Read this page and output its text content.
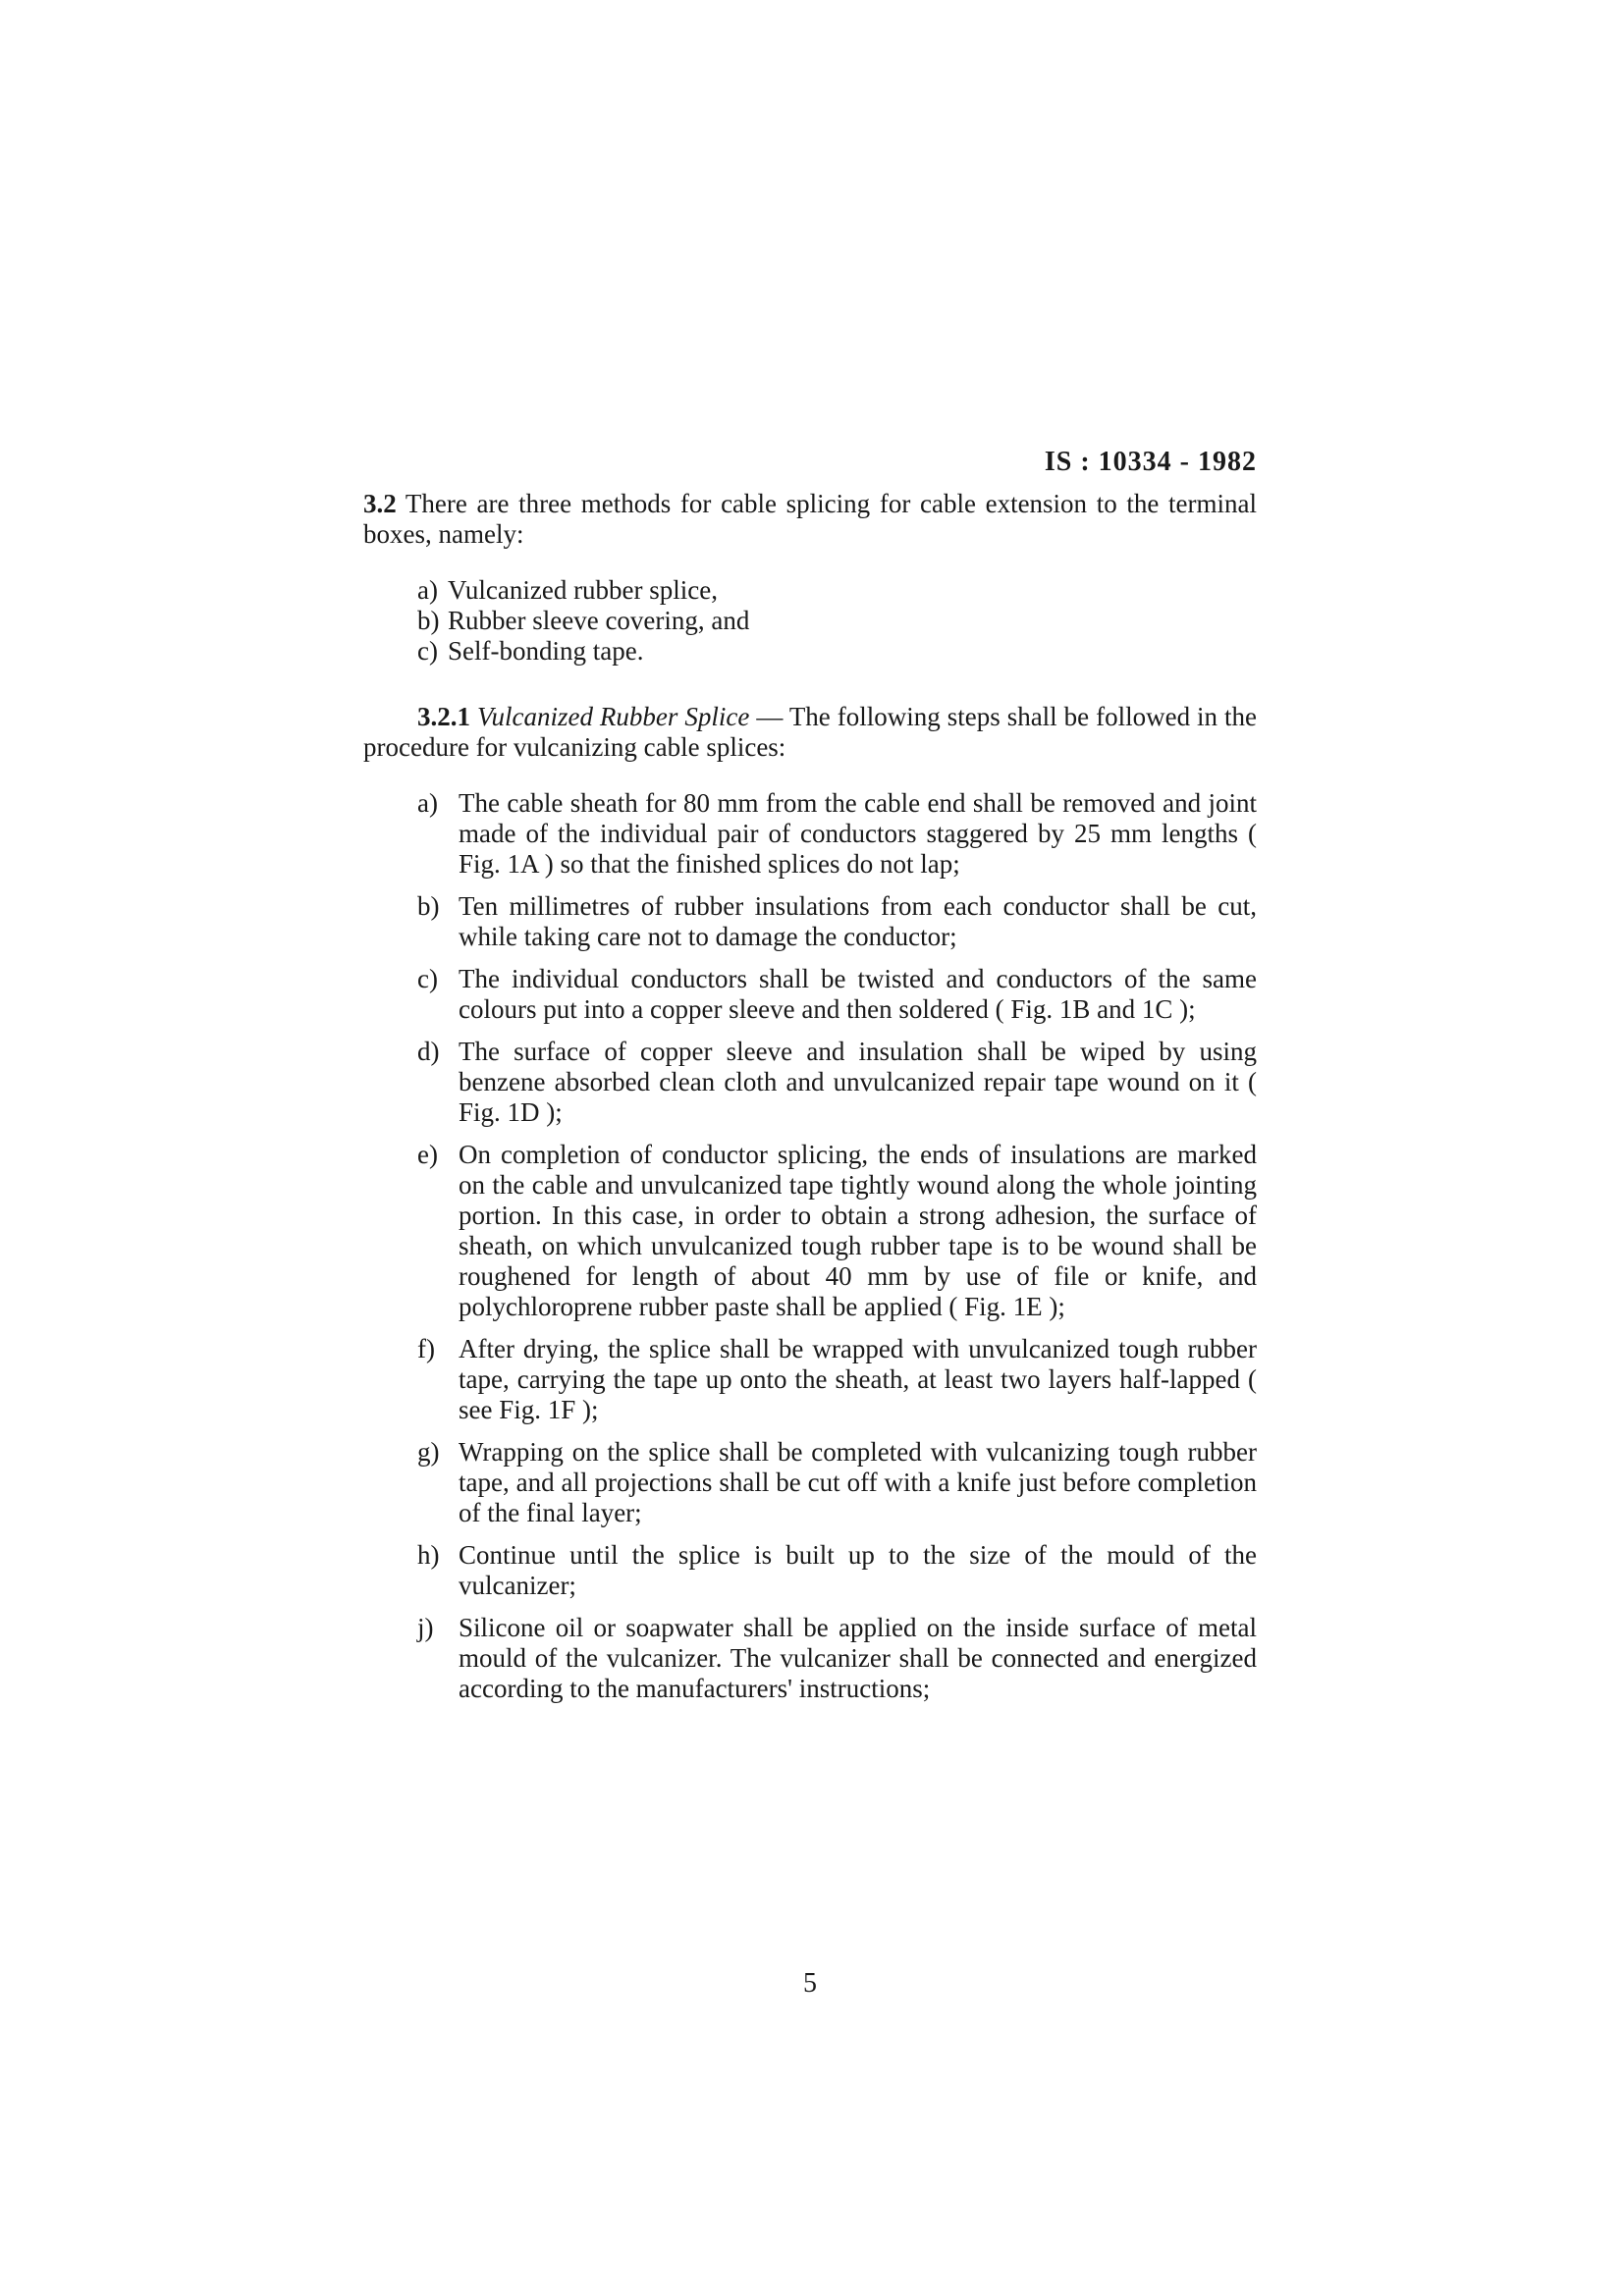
IS : 10334 - 1982

3.2 There are three methods for cable splicing for cable extension to the terminal boxes, namely:

a) Vulcanized rubber splice,
b) Rubber sleeve covering, and
c) Self-bonding tape.

3.2.1 Vulcanized Rubber Splice — The following steps shall be followed in the procedure for vulcanizing cable splices:

a) The cable sheath for 80 mm from the cable end shall be removed and joint made of the individual pair of conductors staggered by 25 mm lengths ( Fig. 1A ) so that the finished splices do not lap;
b) Ten millimetres of rubber insulations from each conductor shall be cut, while taking care not to damage the conductor;
c) The individual conductors shall be twisted and conductors of the same colours put into a copper sleeve and then soldered ( Fig. 1B and 1C );
d) The surface of copper sleeve and insulation shall be wiped by using benzene absorbed clean cloth and unvulcanized repair tape wound on it ( Fig. 1D );
e) On completion of conductor splicing, the ends of insulations are marked on the cable and unvulcanized tape tightly wound along the whole jointing portion. In this case, in order to obtain a strong adhesion, the surface of sheath, on which unvulcanized tough rubber tape is to be wound shall be roughened for length of about 40 mm by use of file or knife, and polychloroprene rubber paste shall be applied ( Fig. 1E );
f) After drying, the splice shall be wrapped with unvulcanized tough rubber tape, carrying the tape up onto the sheath, at least two layers half-lapped ( see Fig. 1F );
g) Wrapping on the splice shall be completed with vulcanizing tough rubber tape, and all projections shall be cut off with a knife just before completion of the final layer;
h) Continue until the splice is built up to the size of the mould of the vulcanizer;
j) Silicone oil or soapwater shall be applied on the inside surface of metal mould of the vulcanizer. The vulcanizer shall be connected and energized according to the manufacturers' instructions;
5
